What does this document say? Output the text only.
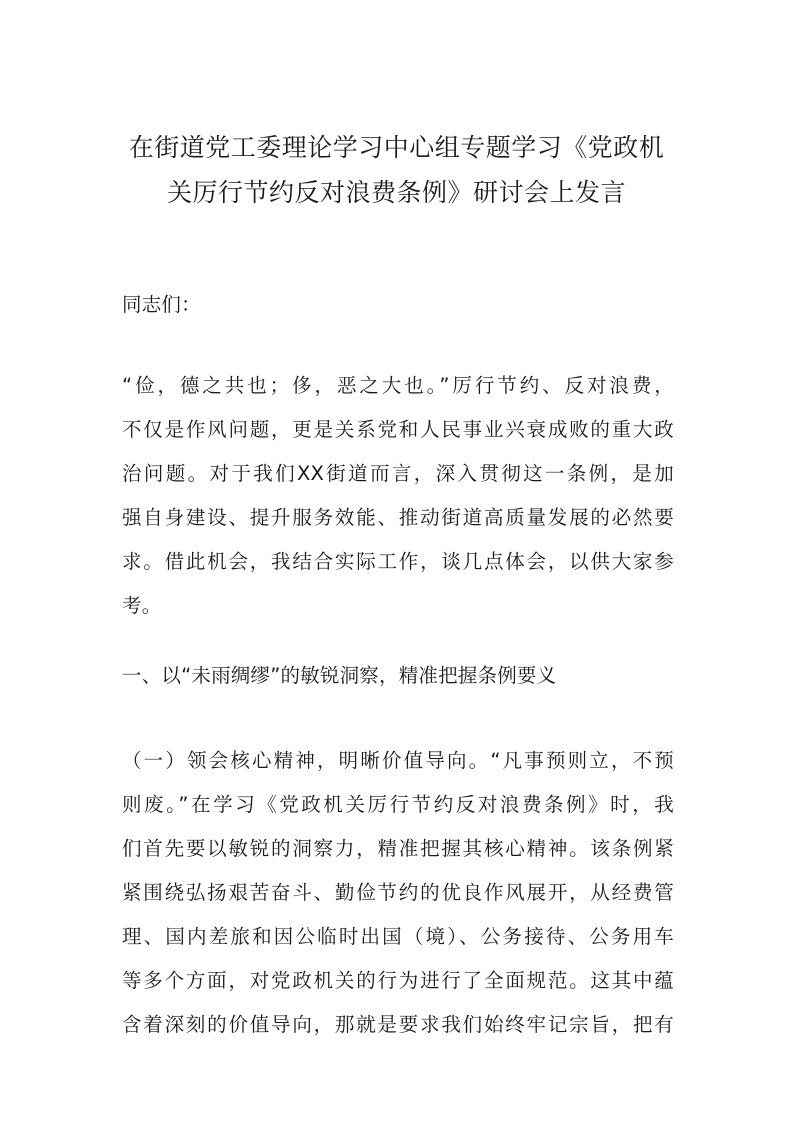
在街道党工委理论学习中心组专题学习《党政机
关厉行节约反对浪费条例》研讨会上发言

同志们：

“俭，德之共也；侈，恶之大也。”厉行节约、反对浪费，

不仅是作风问题，更是关系党和人民事业兴衰成败的重大政

治问题。对于我们XX街道而言，深入贯彻这一条例，是加

强自身建设、提升服务效能、推动街道高质量发展的必然要

求。借此机会，我结合实际工作，谈几点体会，以供大家参

考。

一、以“未雨绸缪”的敏锐洞察，精准把握条例要义

（一）领会核心精神，明晰价值导向。“凡事预则立，不预

则废。”在学习《党政机关厉行节约反对浪费条例》时，我

们首先要以敏锐的洞察力，精准把握其核心精神。该条例紧

紧围绕弘扬艰苦奋斗、勤俭节约的优良作风展开，从经费管

理、国内差旅和因公临时出国（境）、公务接待、公务用车

等多个方面，对党政机关的行为进行了全面规范。这其中蕴

含着深刻的价值导向，那就是要求我们始终牢记宗旨，把有
